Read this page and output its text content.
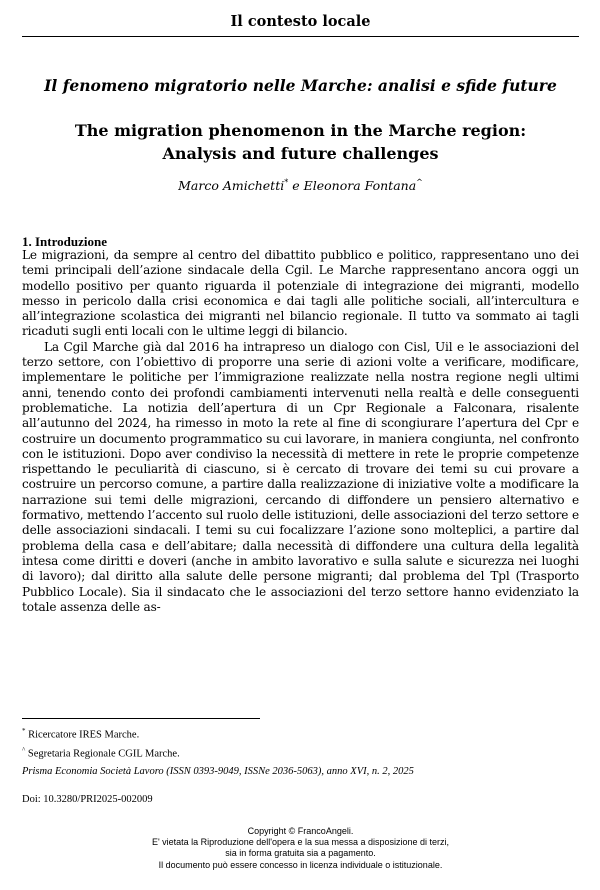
Il contesto locale
Il fenomeno migratorio nelle Marche: analisi e sfide future
The migration phenomenon in the Marche region:
Analysis and future challenges
Marco Amichetti* e Eleonora Fontana^
1. Introduzione

Le migrazioni, da sempre al centro del dibattito pubblico e politico, rappresentano uno dei temi principali dell’azione sindacale della Cgil. Le Marche rappresentano ancora oggi un modello positivo per quanto riguarda il potenziale di integrazione dei migranti, modello messo in pericolo dalla crisi economica e dai tagli alle politiche sociali, all’intercultura e all’integrazione scolastica dei migranti nel bilancio regionale. Il tutto va sommato ai tagli ricaduti sugli enti locali con le ultime leggi di bilancio.

La Cgil Marche già dal 2016 ha intrapreso un dialogo con Cisl, Uil e le associazioni del terzo settore, con l’obiettivo di proporre una serie di azioni volte a verificare, modificare, implementare le politiche per l’immigrazione realizzate nella nostra regione negli ultimi anni, tenendo conto dei profondi cambiamenti intervenuti nella realtà e delle conseguenti problematiche. La notizia dell’apertura di un Cpr Regionale a Falconara, risalente all’autunno del 2024, ha rimesso in moto la rete al fine di scongiurare l’apertura del Cpr e costruire un documento programmatico su cui lavorare, in maniera congiunta, nel confronto con le istituzioni. Dopo aver condiviso la necessità di mettere in rete le proprie competenze rispettando le peculiarità di ciascuno, si è cercato di trovare dei temi su cui provare a costruire un percorso comune, a partire dalla realizzazione di iniziative volte a modificare la narrazione sui temi delle migrazioni, cercando di diffondere un pensiero alternativo e formativo, mettendo l’accento sul ruolo delle istituzioni, delle associazioni del terzo settore e delle associazioni sindacali. I temi su cui focalizzare l’azione sono molteplici, a partire dal problema della casa e dell’abitare; dalla necessità di diffondere una cultura della legalità intesa come diritti e doveri (anche in ambito lavorativo e sulla salute e sicurezza nei luoghi di lavoro); dal diritto alla salute delle persone migranti; dal problema del Tpl (Trasporto Pubblico Locale). Sia il sindacato che le associazioni del terzo settore hanno evidenziato la totale assenza delle as-

* Ricercatore IRES Marche.
^ Segretaria Regionale CGIL Marche.
Prisma Economia Società Lavoro (ISSN 0393-9049, ISSNe 2036-5063), anno XVI, n. 2, 2025
Doi: 10.3280/PRI2025-002009
Copyright © FrancoAngeli.
E' vietata la Riproduzione dell'opera e la sua messa a disposizione di terzi,
sia in forma gratuita sia a pagamento.
Il documento può essere concesso in licenza individuale o istituzionale.
